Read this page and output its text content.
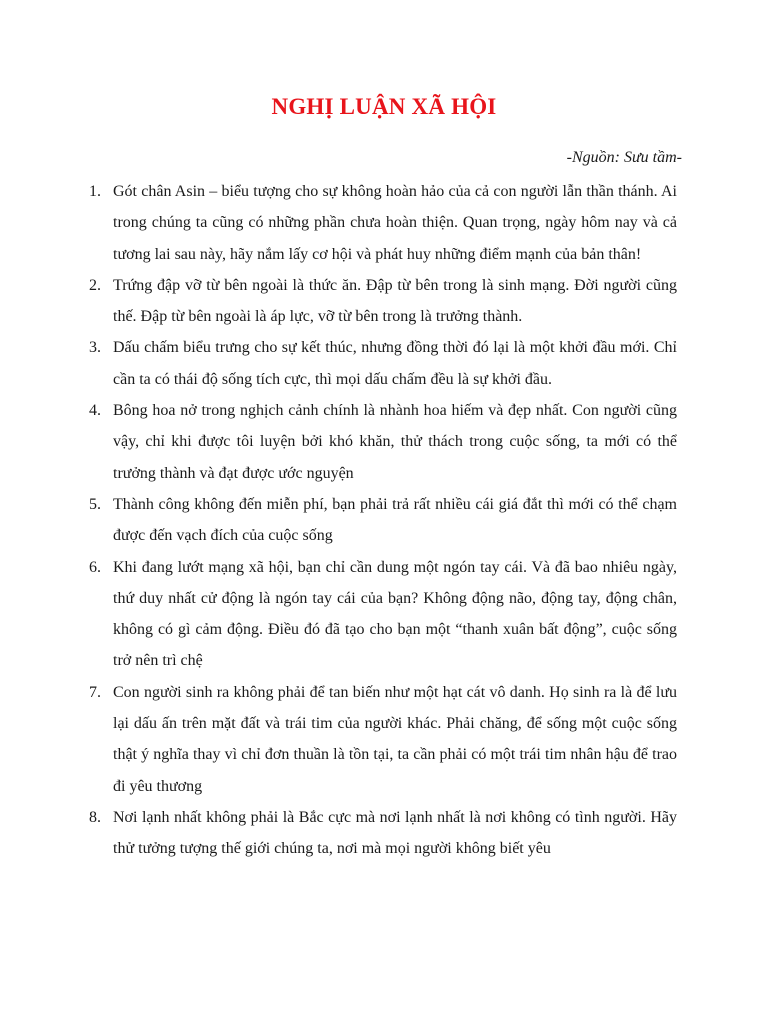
NGHỊ LUẬN XÃ HỘI

-Nguồn: Sưu tầm-

1. Gót chân Asin – biểu tượng cho sự không hoàn hảo của cả con người lẫn thần thánh. Ai trong chúng ta cũng có những phần chưa hoàn thiện. Quan trọng, ngày hôm nay và cả tương lai sau này, hãy nắm lấy cơ hội và phát huy những điểm mạnh của bản thân!
2. Trứng đập vỡ từ bên ngoài là thức ăn. Đập từ bên trong là sinh mạng. Đời người cũng thế. Đập từ bên ngoài là áp lực, vỡ từ bên trong là trưởng thành.
3. Dấu chấm biểu trưng cho sự kết thúc, nhưng đồng thời đó lại là một khởi đầu mới. Chỉ cần ta có thái độ sống tích cực, thì mọi dấu chấm đều là sự khởi đầu.
4. Bông hoa nở trong nghịch cảnh chính là nhành hoa hiếm và đẹp nhất. Con người cũng vậy, chỉ khi được tôi luyện bởi khó khăn, thử thách trong cuộc sống, ta mới có thể trưởng thành và đạt được ước nguyện
5. Thành công không đến miễn phí, bạn phải trả rất nhiều cái giá đắt thì mới có thể chạm được đến vạch đích của cuộc sống
6. Khi đang lướt mạng xã hội, bạn chỉ cần dung một ngón tay cái. Và đã bao nhiêu ngày, thứ duy nhất cử động là ngón tay cái của bạn? Không động não, động tay, động chân, không có gì cảm động. Điều đó đã tạo cho bạn một “thanh xuân bất động”, cuộc sống trở nên trì chệ
7. Con người sinh ra không phải để tan biến như một hạt cát vô danh. Họ sinh ra là để lưu lại dấu ấn trên mặt đất và trái tim của người khác. Phải chăng, để sống một cuộc sống thật ý nghĩa thay vì chỉ đơn thuần là tồn tại, ta cần phải có một trái tim nhân hậu để trao đi yêu thương
8. Nơi lạnh nhất không phải là Bắc cực mà nơi lạnh nhất là nơi không có tình người. Hãy thử tưởng tượng thế giới chúng ta, nơi mà mọi người không biết yêu
